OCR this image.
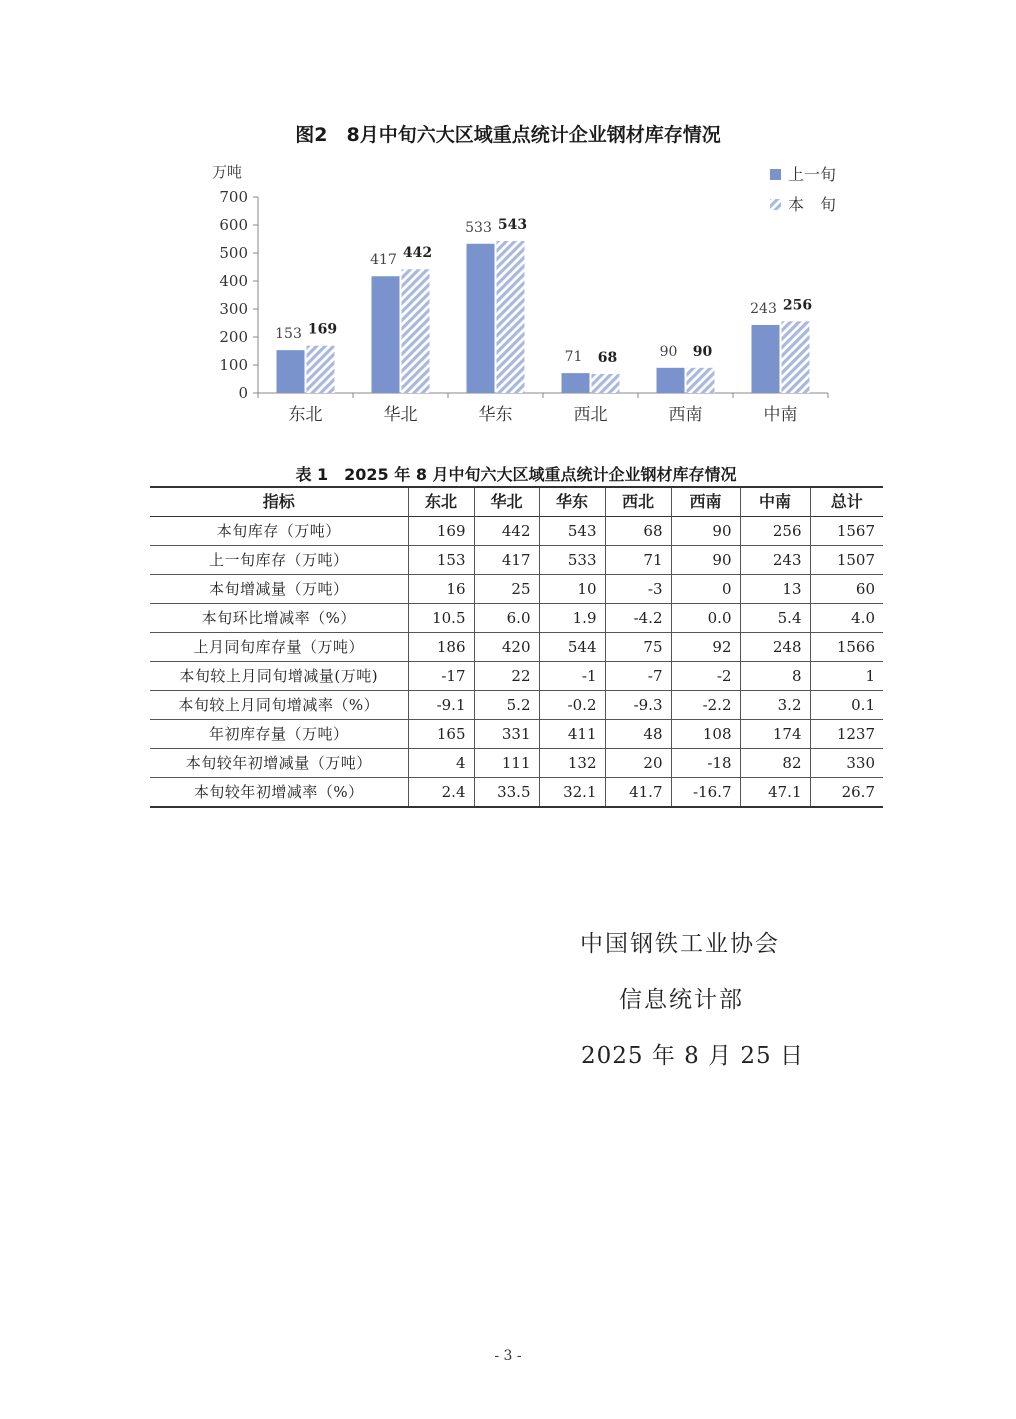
图2　8月中旬六大区域重点统计企业钢材库存情况
0
100
200
300
400
500
600
700
万吨
153 169
东北
417 442
华北
533 543
华东
71 68
西北
90 90
西南
243 256
中南
上一旬
本　旬
表 1　2025 年 8 月中旬六大区域重点统计企业钢材库存情况
指标	东北	华北	华东	西北	西南	中南	总计
本旬库存（万吨）	169	442	543	68	90	256	1567
上一旬库存（万吨）	153	417	533	71	90	243	1507
本旬增减量（万吨）	16	25	10	-3	0	13	60
本旬环比增减率（%）	10.5	6.0	1.9	-4.2	0.0	5.4	4.0
上月同旬库存量（万吨）	186	420	544	75	92	248	1566
本旬较上月同旬增减量(万吨)	-17	22	-1	-7	-2	8	1
本旬较上月同旬增减率（%）	-9.1	5.2	-0.2	-9.3	-2.2	3.2	0.1
年初库存量（万吨）	165	331	411	48	108	174	1237
本旬较年初增减量（万吨）	4	111	132	20	-18	82	330
本旬较年初增减率（%）	2.4	33.5	32.1	41.7	-16.7	47.1	26.7
中国钢铁工业协会
信息统计部
2025 年 8 月 25 日
- 3 -
